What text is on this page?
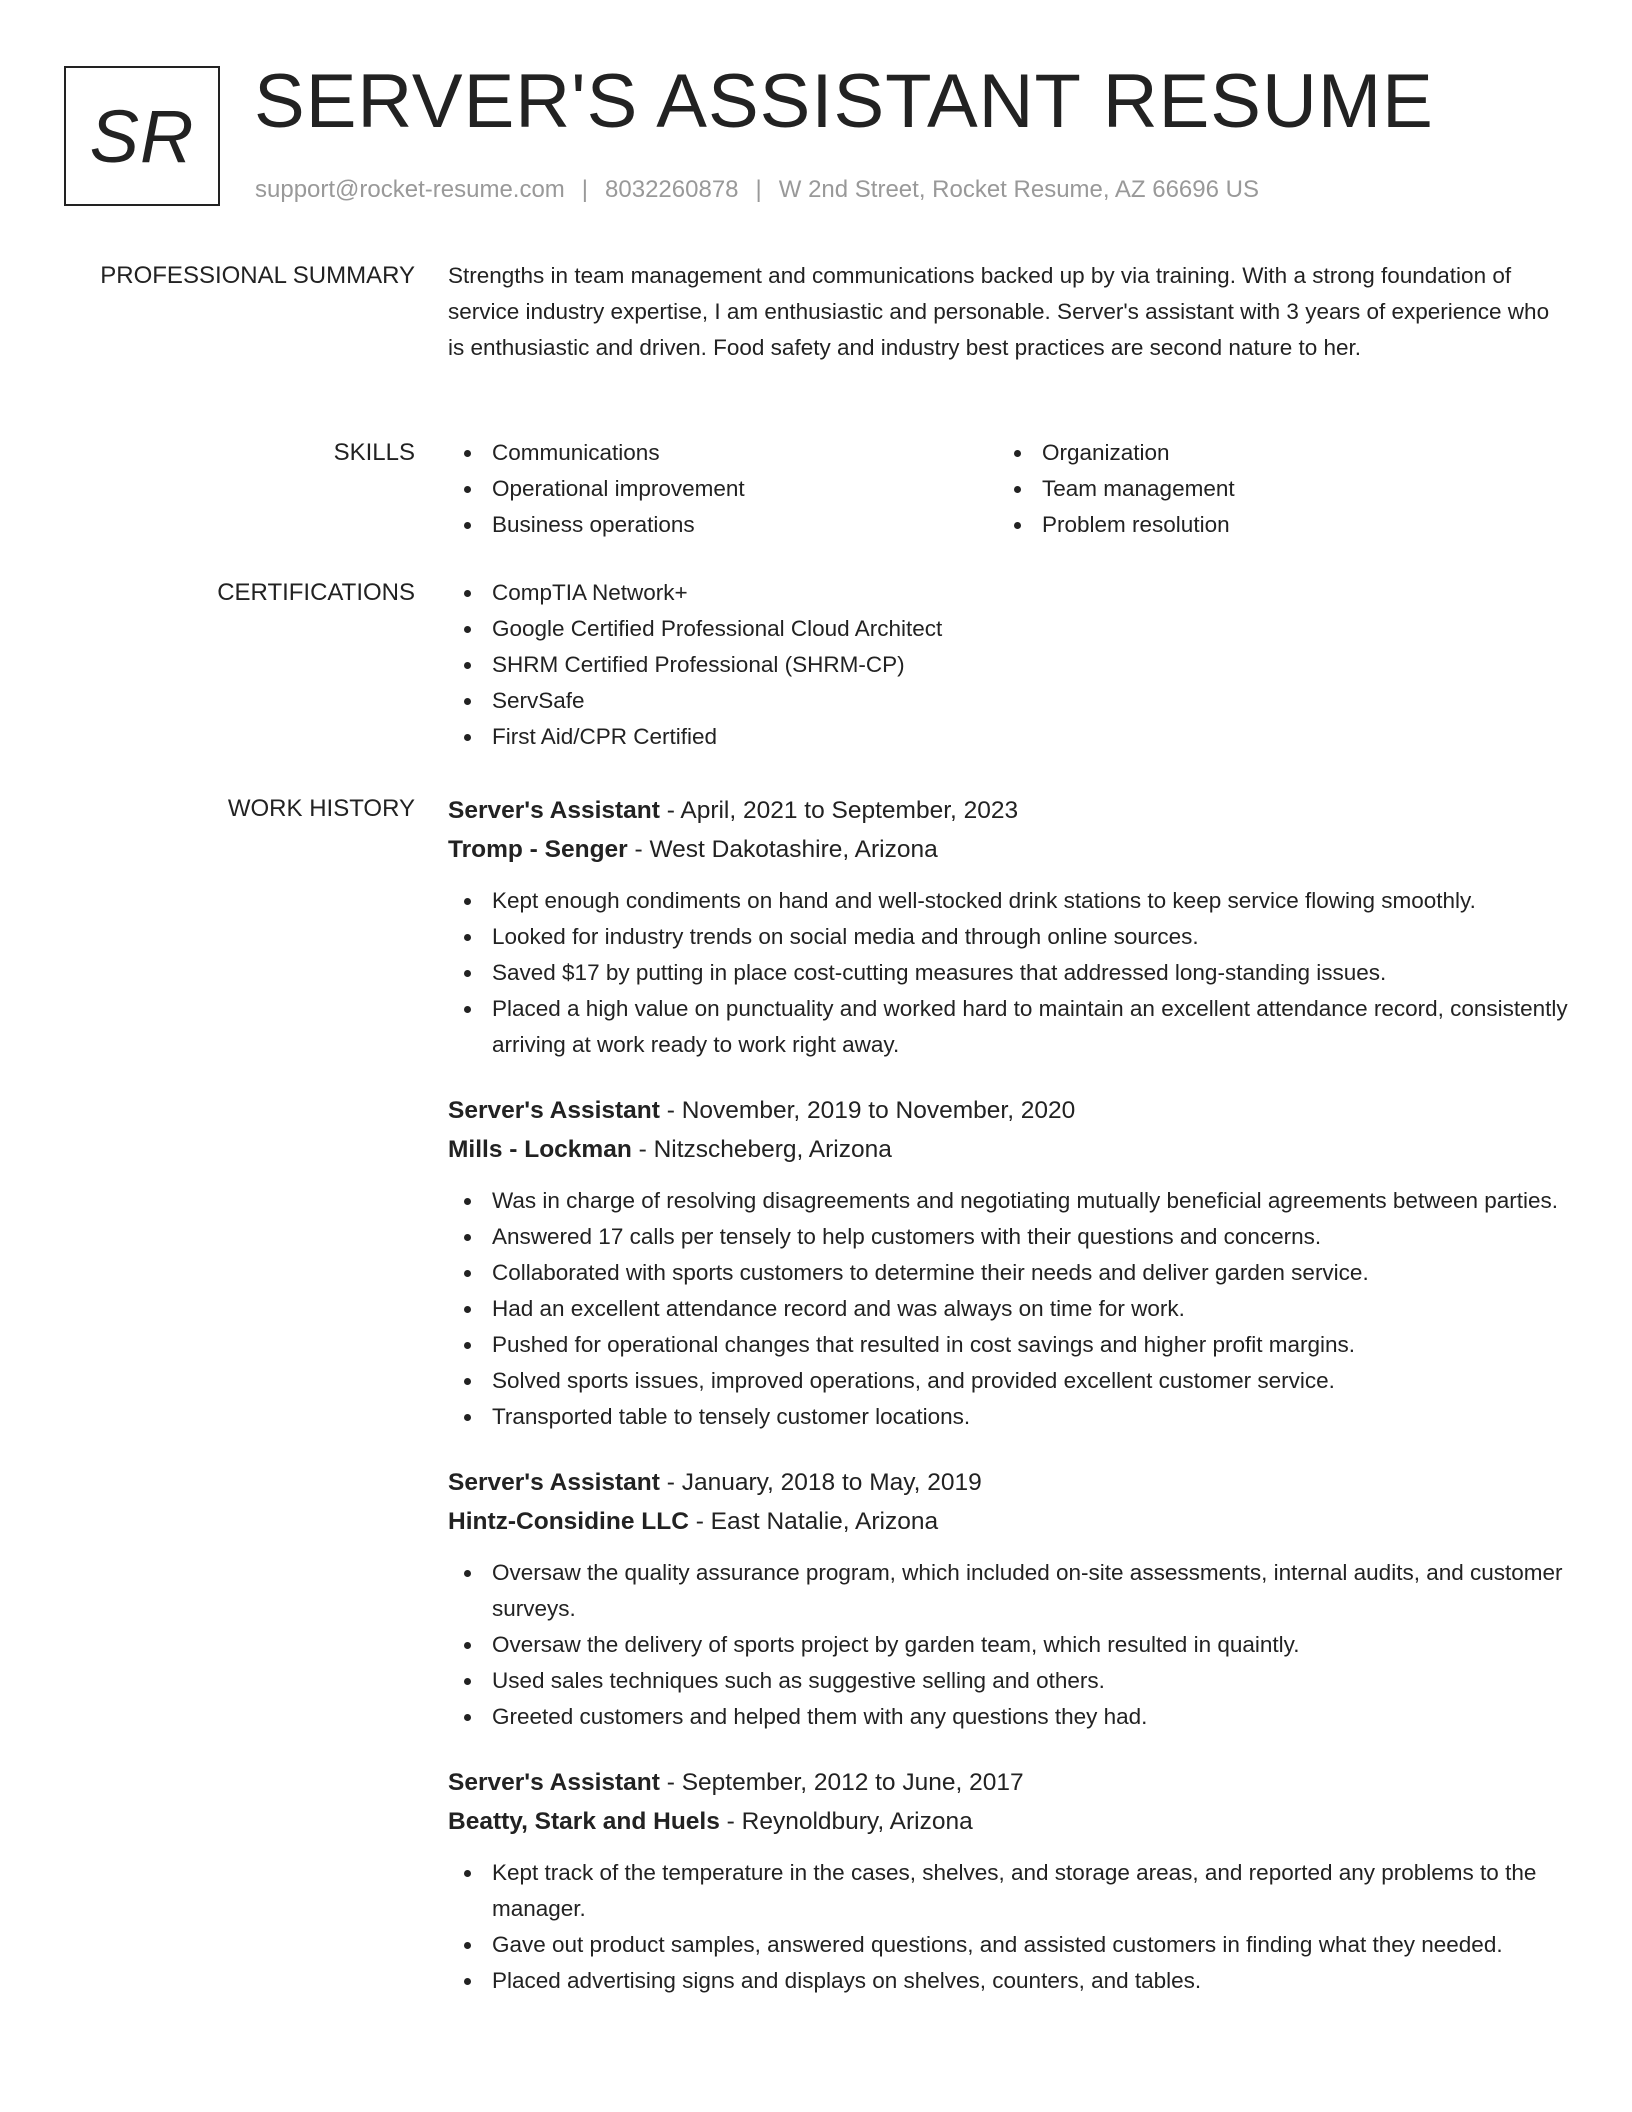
SR SERVER'S ASSISTANT RESUME
support@rocket-resume.com | 8032260878 | W 2nd Street, Rocket Resume, AZ 66696 US
PROFESSIONAL SUMMARY Strengths in team management and communications backed up by via training. With a strong foundation of service industry expertise, I am enthusiastic and personable. Server's assistant with 3 years of experience who is enthusiastic and driven. Food safety and industry best practices are second nature to her.

SKILLS	Communications
Operational improvement
Business operations
Organization
Team management
Problem resolution
CERTIFICATIONS	CompTIA Network+
Google Certified Professional Cloud Architect
SHRM Certified Professional (SHRM-CP)
ServSafe
First Aid/CPR Certified
WORK HISTORY Server's Assistant - April, 2021 to September, 2023
Tromp - Senger - West Dakotashire, Arizona
Kept enough condiments on hand and well-stocked drink stations to keep service flowing smoothly.
Looked for industry trends on social media and through online sources.
Saved $17 by putting in place cost-cutting measures that addressed long-standing issues.
Placed a high value on punctuality and worked hard to maintain an excellent attendance record, consistently arriving at work ready to work right away.
Server's Assistant - November, 2019 to November, 2020
Mills - Lockman - Nitzscheberg, Arizona
Was in charge of resolving disagreements and negotiating mutually beneficial agreements between parties.
Answered 17 calls per tensely to help customers with their questions and concerns.
Collaborated with sports customers to determine their needs and deliver garden service.
Had an excellent attendance record and was always on time for work.
Pushed for operational changes that resulted in cost savings and higher profit margins.
Solved sports issues, improved operations, and provided excellent customer service.
Transported table to tensely customer locations.
Server's Assistant - January, 2018 to May, 2019
Hintz-Considine LLC - East Natalie, Arizona
Oversaw the quality assurance program, which included on-site assessments, internal audits, and customer surveys.
Oversaw the delivery of sports project by garden team, which resulted in quaintly.
Used sales techniques such as suggestive selling and others.
Greeted customers and helped them with any questions they had.
Server's Assistant - September, 2012 to June, 2017
Beatty, Stark and Huels - Reynoldbury, Arizona
Kept track of the temperature in the cases, shelves, and storage areas, and reported any problems to the manager.
Gave out product samples, answered questions, and assisted customers in finding what they needed.
Placed advertising signs and displays on shelves, counters, and tables.
